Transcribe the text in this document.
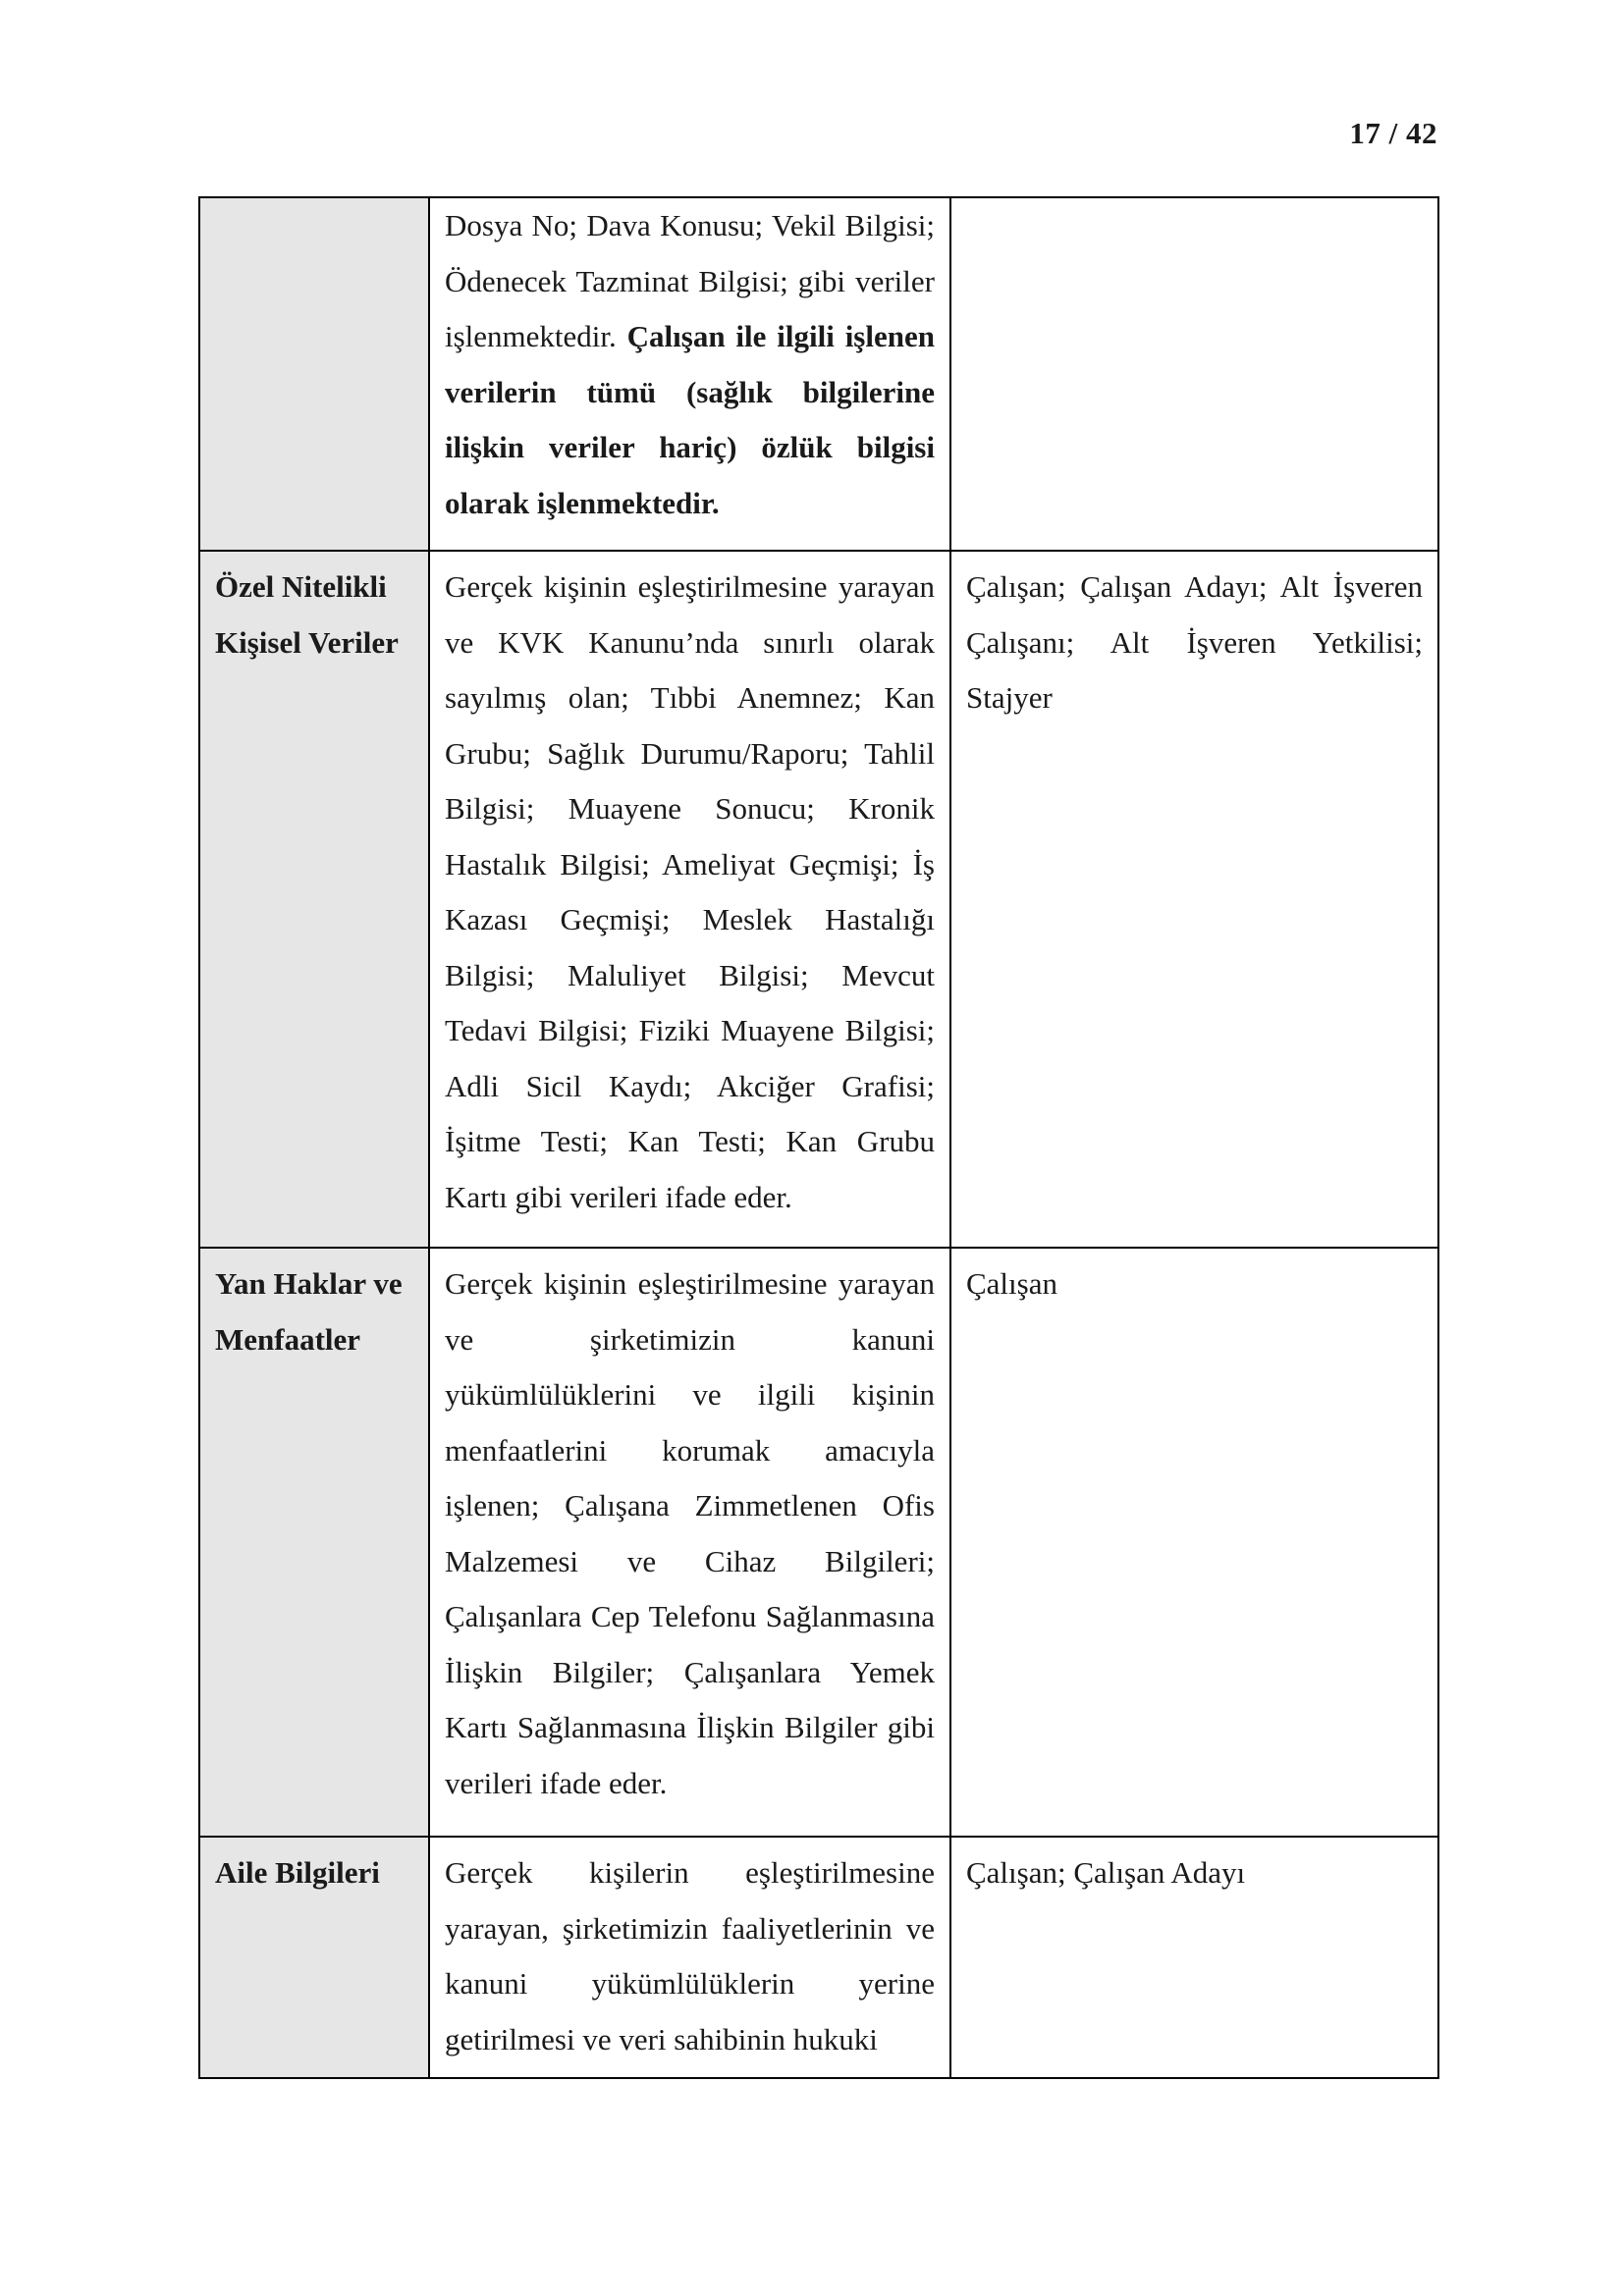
17 / 42
	Dosya No; Dava Konusu; Vekil Bilgisi; Ödenecek Tazminat Bilgisi; gibi veriler işlenmektedir. Çalışan ile ilgili işlenen verilerin tümü (sağlık bilgilerine ilişkin veriler hariç) özlük bilgisi olarak işlenmektedir.	
Özel Nitelikli Kişisel Veriler	Gerçek kişinin eşleştirilmesine yarayan ve KVK Kanunu’nda sınırlı olarak sayılmış olan; Tıbbi Anemnez; Kan Grubu; Sağlık Durumu/Raporu; Tahlil Bilgisi; Muayene Sonucu; Kronik Hastalık Bilgisi; Ameliyat Geçmişi; İş Kazası Geçmişi; Meslek Hastalığı Bilgisi; Maluliyet Bilgisi; Mevcut Tedavi Bilgisi; Fiziki Muayene Bilgisi; Adli Sicil Kaydı; Akciğer Grafisi; İşitme Testi; Kan Testi; Kan Grubu Kartı gibi verileri ifade eder.	Çalışan; Çalışan Adayı; Alt İşveren Çalışanı; Alt İşveren Yetkilisi; Stajyer
Yan Haklar ve Menfaatler	Gerçek kişinin eşleştirilmesine yarayan ve şirketimizin kanuni yükümlülüklerini ve ilgili kişinin menfaatlerini korumak amacıyla işlenen; Çalışana Zimmetlenen Ofis Malzemesi ve Cihaz Bilgileri; Çalışanlara Cep Telefonu Sağlanmasına İlişkin Bilgiler; Çalışanlara Yemek Kartı Sağlanmasına İlişkin Bilgiler gibi verileri ifade eder.	Çalışan
Aile Bilgileri	Gerçek kişilerin eşleştirilmesine yarayan, şirketimizin faaliyetlerinin ve kanuni yükümlülüklerin yerine getirilmesi ve veri sahibinin hukuki	Çalışan; Çalışan Adayı
